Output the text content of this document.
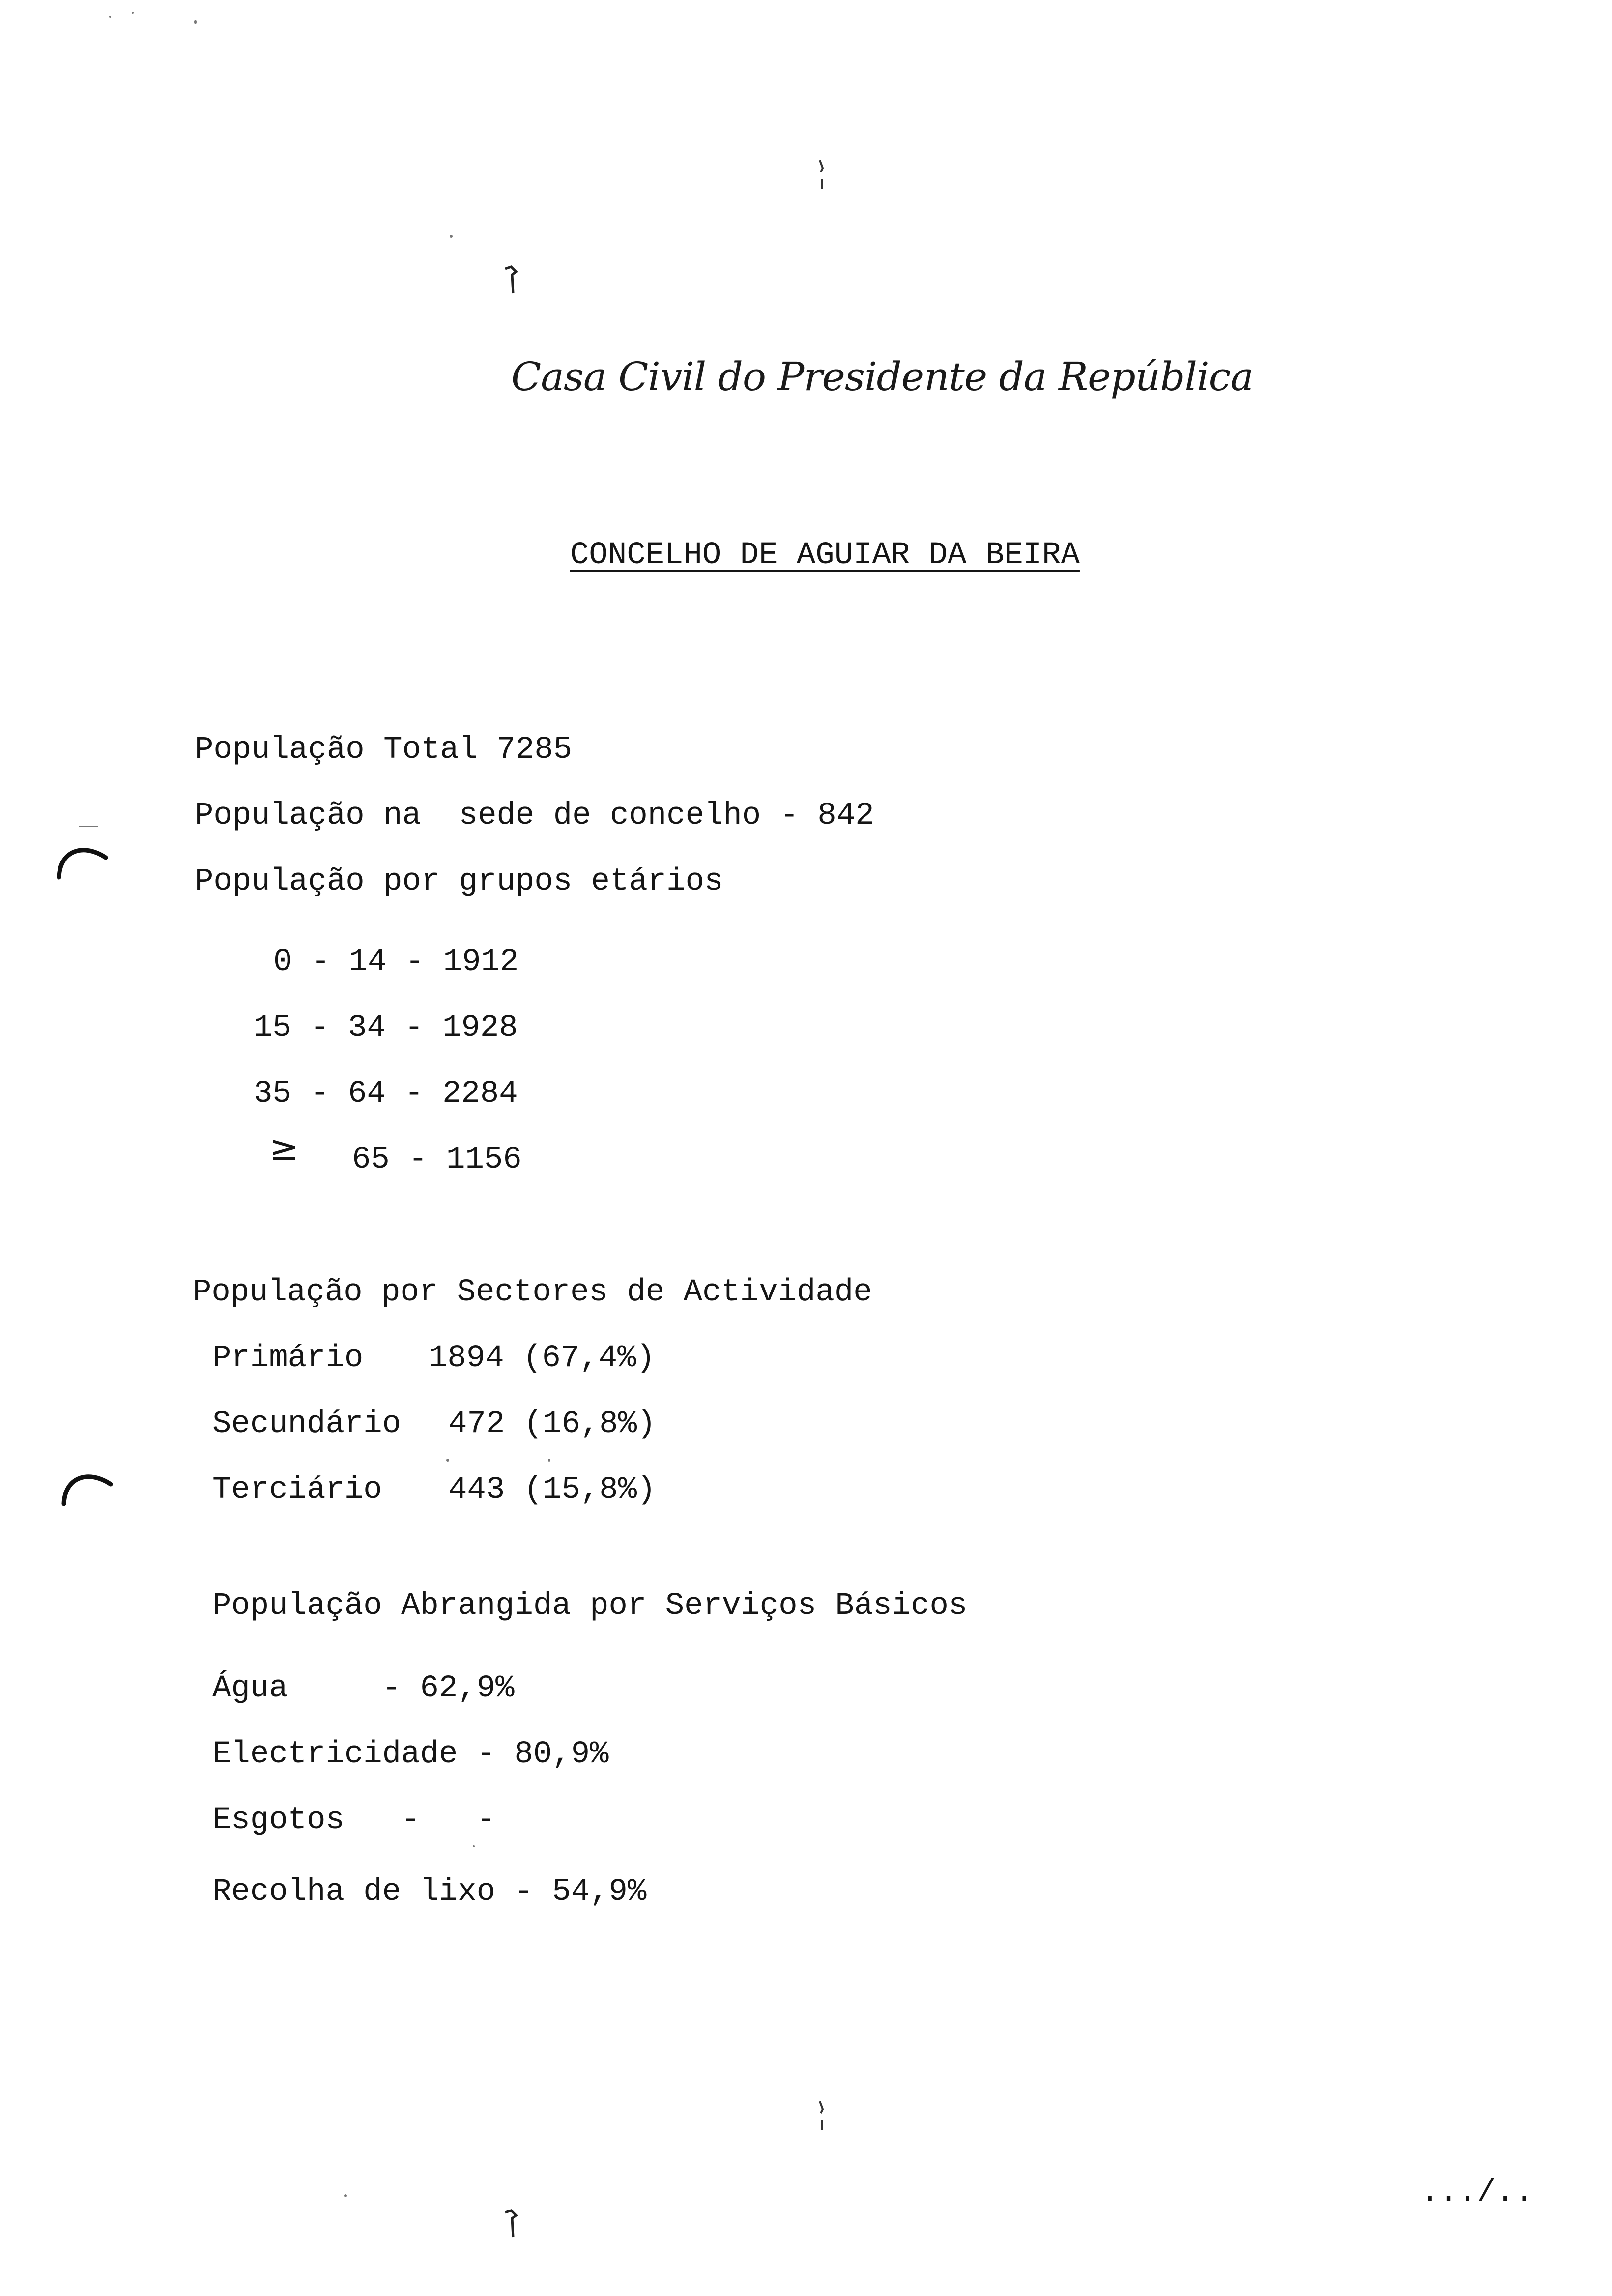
Casa Civil do Presidente da República
CONCELHO DE AGUIAR DA BEIRA
População Total 7285
População na  sede de concelho - 842
População por grupos etários
0 - 14 - 1912
15 - 34 - 1928
35 - 64 - 2284
≥ 65 - 1156
População por Sectores de Actividade
Primário 1894 (67,4%)
Secundário 472 (16,8%)
Terciário 443 (15,8%)
População Abrangida por Serviços Básicos
Água     - 62,9%
Electricidade - 80,9%
Esgotos   -   -
Recolha de lixo - 54,9%
.../..
